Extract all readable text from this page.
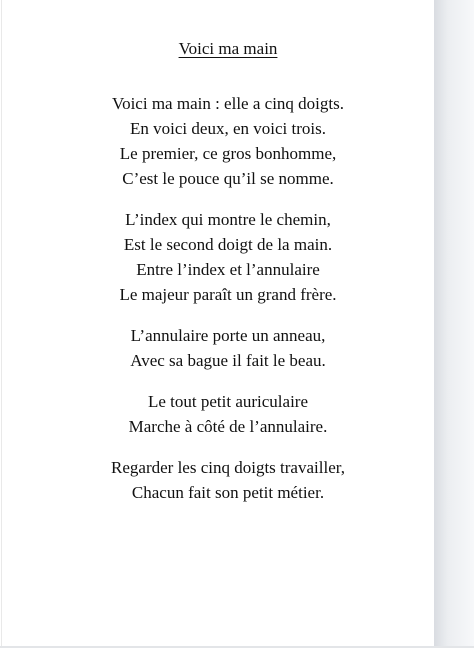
Voici ma main
Voici ma main : elle a cinq doigts.
En voici deux, en voici trois.
Le premier, ce gros bonhomme,
C’est le pouce qu’il se nomme.
L’index qui montre le chemin,
Est le second doigt de la main.
Entre l’index et l’annulaire
Le majeur paraît un grand frère.
L’annulaire porte un anneau,
Avec sa bague il fait le beau.
Le tout petit auriculaire
Marche à côté de l’annulaire.
Regarder les cinq doigts travailler,
Chacun fait son petit métier.
